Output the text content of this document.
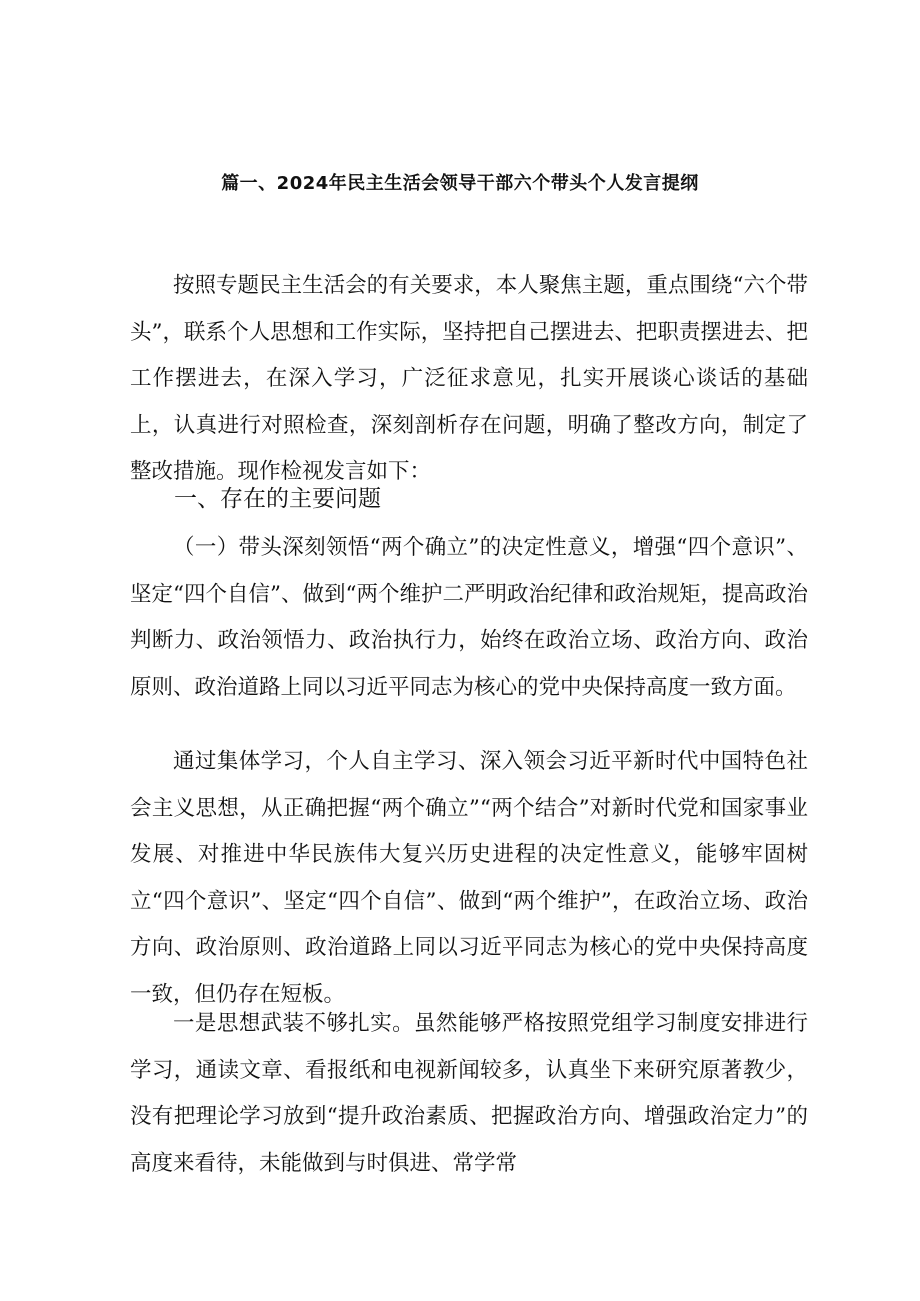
篇一、2024年民主生活会领导干部六个带头个人发言提纲

按照专题民主生活会的有关要求，本人聚焦主题，重点围绕“六个带头”，联系个人思想和工作实际，坚持把自己摆进去、把职责摆进去、把工作摆进去，在深入学习，广泛征求意见，扎实开展谈心谈话的基础上，认真进行对照检查，深刻剖析存在问题，明确了整改方向，制定了整改措施。现作检视发言如下：

一、存在的主要问题

（一）带头深刻领悟“两个确立”的决定性意义，增强“四个意识”、坚定“四个自信”、做到“两个维护二严明政治纪律和政治规矩，提高政治判断力、政治领悟力、政治执行力，始终在政治立场、政治方向、政治原则、政治道路上同以习近平同志为核心的党中央保持高度一致方面。

通过集体学习，个人自主学习、深入领会习近平新时代中国特色社会主义思想，从正确把握“两个确立”“两个结合”对新时代党和国家事业发展、对推进中华民族伟大复兴历史进程的决定性意义，能够牢固树立“四个意识”、坚定“四个自信”、做到“两个维护”，在政治立场、政治方向、政治原则、政治道路上同以习近平同志为核心的党中央保持高度一致，但仍存在短板。

一是思想武装不够扎实。虽然能够严格按照党组学习制度安排进行学习，通读文章、看报纸和电视新闻较多，认真坐下来研究原著教少，没有把理论学习放到“提升政治素质、把握政治方向、增强政治定力”的高度来看待，未能做到与时俱进、常学常
